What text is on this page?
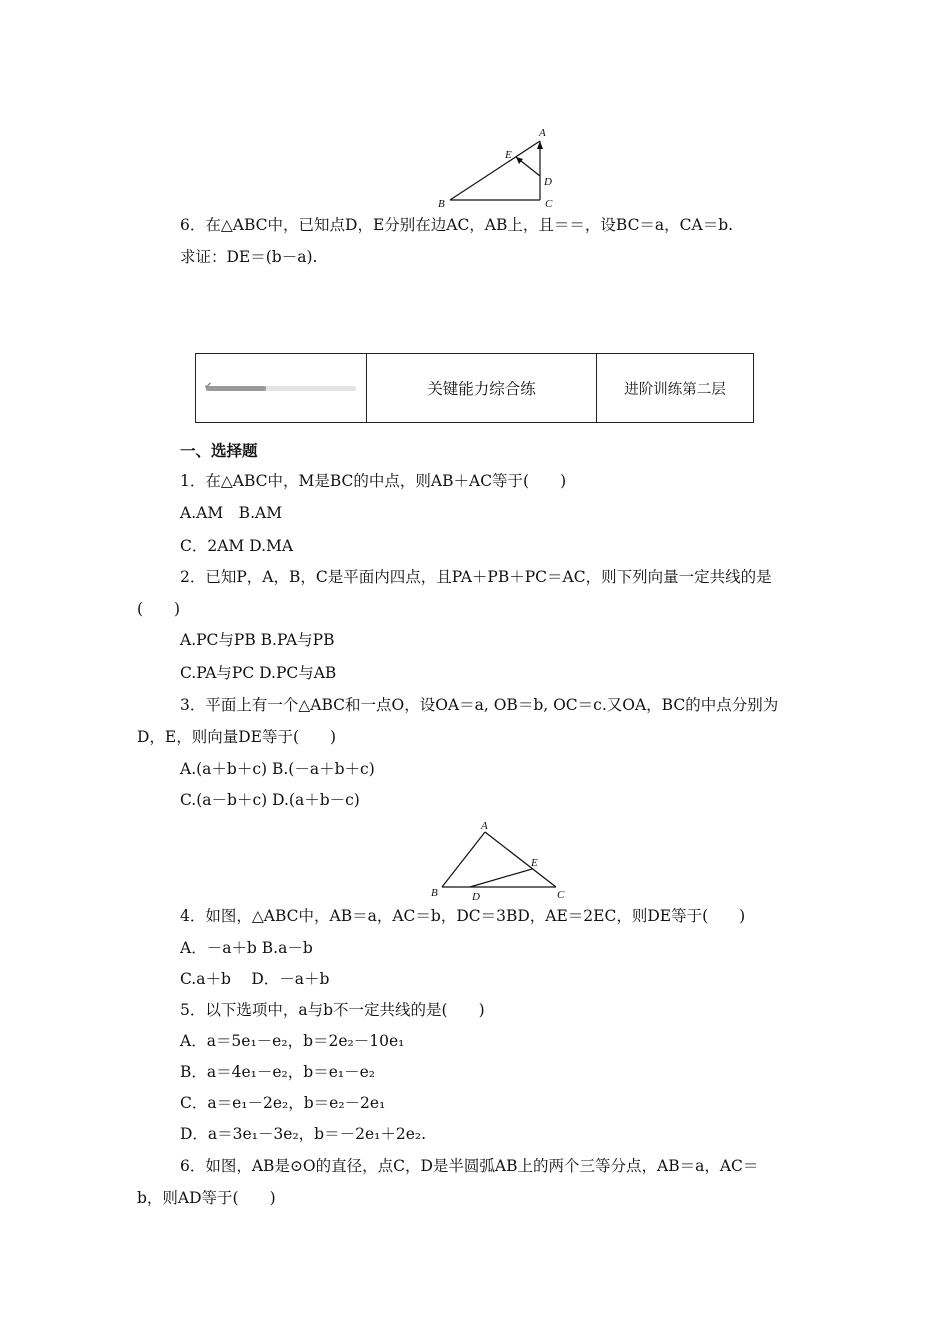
A
B	C
D
E
6．在△ABC中，已知点D，E分别在边AC，AB上，且＝＝，设BC＝a，CA＝b.
求证：DE＝(b－a).
✔	关键能力综合练	进阶训练第二层
一、选择题
1．在△ABC中，M是BC的中点，则AB＋AC等于(　　)
A.AM　B.AM
C．2AM D.MA
2．已知P，A，B，C是平面内四点，且PA＋PB＋PC＝AC，则下列向量一定共线的是
(　　)
A.PC与PB B.PA与PB
C.PA与PC D.PC与AB
3．平面上有一个△ABC和一点O，设OA＝a, OB＝b, OC＝c.又OA，BC的中点分别为
D，E，则向量DE等于(　　)
A.(a＋b＋c) B.(－a＋b＋c)
C.(a－b＋c) D.(a＋b－c)
A
B	C
D
E
4．如图，△ABC中，AB＝a，AC＝b，DC＝3BD，AE＝2EC，则DE等于(　　)
A．－a＋b B.a－b
C.a＋b　 D．－a＋b
5．以下选项中，a与b不一定共线的是(　　)
A．a＝5e₁－e₂，b＝2e₂－10e₁
B．a＝4e₁－e₂，b＝e₁－e₂
C．a＝e₁－2e₂，b＝e₂－2e₁
D．a＝3e₁－3e₂，b＝－2e₁＋2e₂.
6．如图，AB是⊙O的直径，点C，D是半圆弧AB上的两个三等分点，AB＝a，AC＝
b，则AD等于(　　)
